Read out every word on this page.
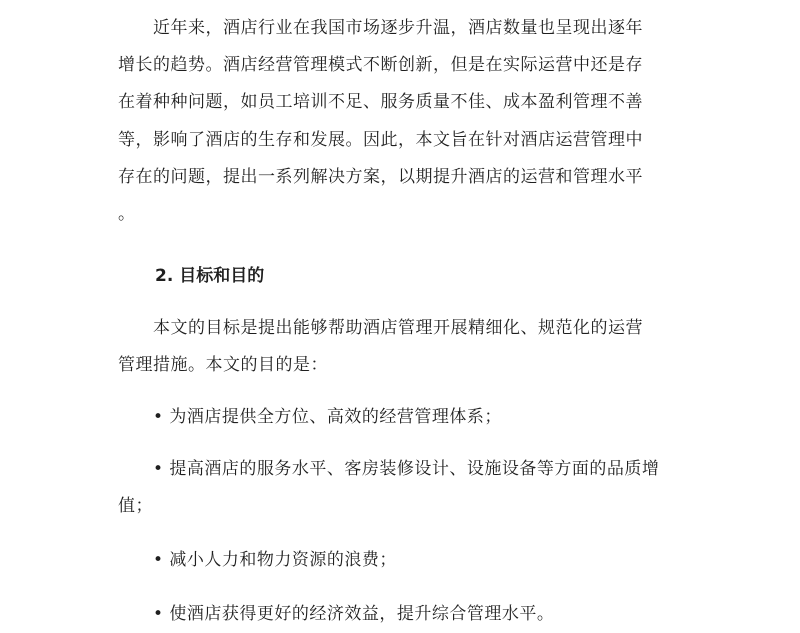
近年来，酒店行业在我国市场逐步升温，酒店数量也呈现出逐年
增长的趋势。酒店经营管理模式不断创新，但是在实际运营中还是存
在着种种问题，如员工培训不足、服务质量不佳、成本盈利管理不善
等，影响了酒店的生存和发展。因此，本文旨在针对酒店运营管理中
存在的问题，提出一系列解决方案，以期提升酒店的运营和管理水平
。
2. 目标和目的
本文的目标是提出能够帮助酒店管理开展精细化、规范化的运营
管理措施。本文的目的是：
• 为酒店提供全方位、高效的经营管理体系；
• 提高酒店的服务水平、客房装修设计、设施设备等方面的品质增
值；
• 减小人力和物力资源的浪费；
• 使酒店获得更好的经济效益，提升综合管理水平。
